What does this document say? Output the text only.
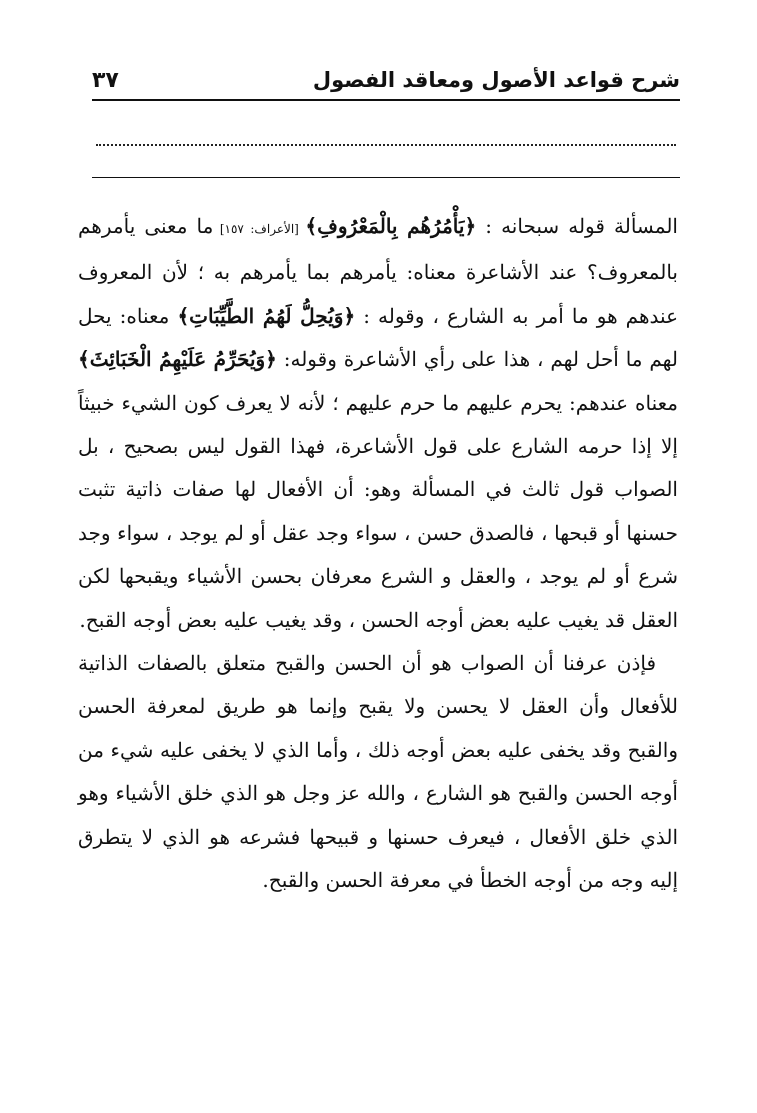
شرح قواعد الأصول ومعاقد الفصول
٣٧

المسألة قوله سبحانه : ﴿يَأْمُرُهُم بِالْمَعْرُوفِ﴾ [الأعراف: ١٥٧] ما معنى يأمرهم بالمعروف؟ عند الأشاعرة معناه: يأمرهم بما يأمرهم به ؛ لأن المعروف عندهم هو ما أمر به الشارع ، وقوله : ﴿وَيُحِلُّ لَهُمُ الطَّيِّبَاتِ﴾ معناه: يحل لهم ما أحل لهم ، هذا على رأي الأشاعرة وقوله: ﴿وَيُحَرِّمُ عَلَيْهِمُ الْخَبَائِثَ﴾ معناه عندهم: يحرم عليهم ما حرم عليهم ؛ لأنه لا يعرف كون الشيء خبيثاً إلا إذا حرمه الشارع على قول الأشاعرة، فهذا القول ليس بصحيح ، بل الصواب قول ثالث في المسألة وهو: أن الأفعال لها صفات ذاتية تثبت حسنها أو قبحها ، فالصدق حسن ، سواء وجد عقل أو لم يوجد ، سواء وجد شرع أو لم يوجد ، والعقل و الشرع معرفان بحسن الأشياء ويقبحها لكن العقل قد يغيب عليه بعض أوجه الحسن ، وقد يغيب عليه بعض أوجه القبح.

فإذن عرفنا أن الصواب هو أن الحسن والقبح متعلق بالصفات الذاتية للأفعال وأن العقل لا يحسن ولا يقبح وإنما هو طريق لمعرفة الحسن والقبح وقد يخفى عليه بعض أوجه ذلك ، وأما الذي لا يخفى عليه شيء من أوجه الحسن والقبح هو الشارع ، والله عز وجل هو الذي خلق الأشياء وهو الذي خلق الأفعال ، فيعرف حسنها و قبيحها فشرعه هو الذي لا يتطرق إليه وجه من أوجه الخطأ في معرفة الحسن والقبح.
